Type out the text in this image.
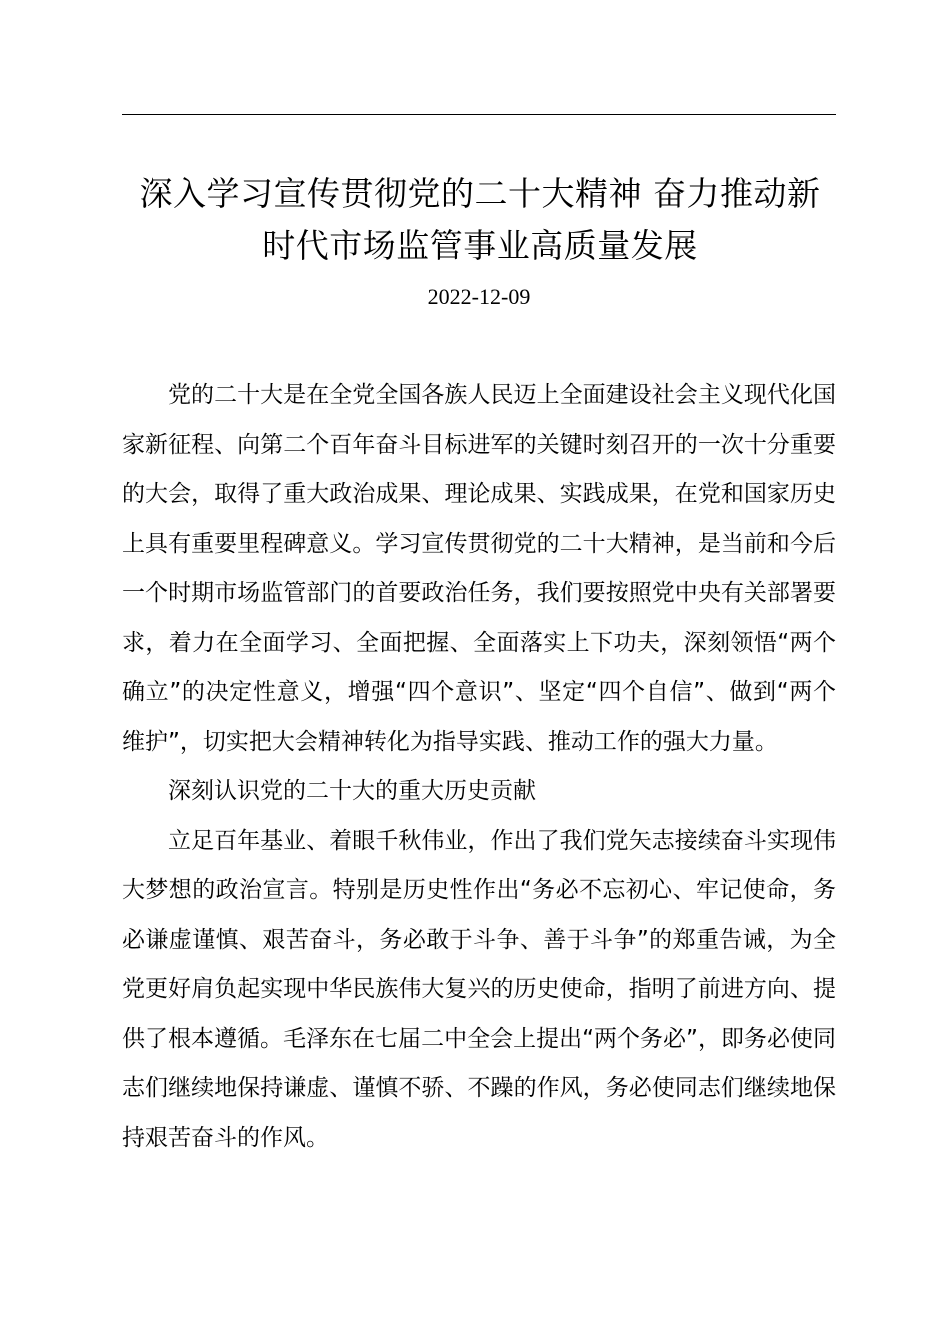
深入学习宣传贯彻党的二十大精神 奋力推动新
时代市场监管事业高质量发展
2022-12-09

党的二十大是在全党全国各族人民迈上全面建设社会主义现代化国家新征程、向第二个百年奋斗目标进军的关键时刻召开的一次十分重要的大会，取得了重大政治成果、理论成果、实践成果，在党和国家历史上具有重要里程碑意义。学习宣传贯彻党的二十大精神，是当前和今后一个时期市场监管部门的首要政治任务，我们要按照党中央有关部署要求，着力在全面学习、全面把握、全面落实上下功夫，深刻领悟“两个确立”的决定性意义，增强“四个意识”、坚定“四个自信”、做到“两个维护”，切实把大会精神转化为指导实践、推动工作的强大力量。

深刻认识党的二十大的重大历史贡献

立足百年基业、着眼千秋伟业，作出了我们党矢志接续奋斗实现伟大梦想的政治宣言。特别是历史性作出“务必不忘初心、牢记使命，务必谦虚谨慎、艰苦奋斗，务必敢于斗争、善于斗争”的郑重告诫，为全党更好肩负起实现中华民族伟大复兴的历史使命，指明了前进方向、提供了根本遵循。毛泽东在七届二中全会上提出“两个务必”，即务必使同志们继续地保持谦虚、谨慎不骄、不躁的作风，务必使同志们继续地保持艰苦奋斗的作风。
